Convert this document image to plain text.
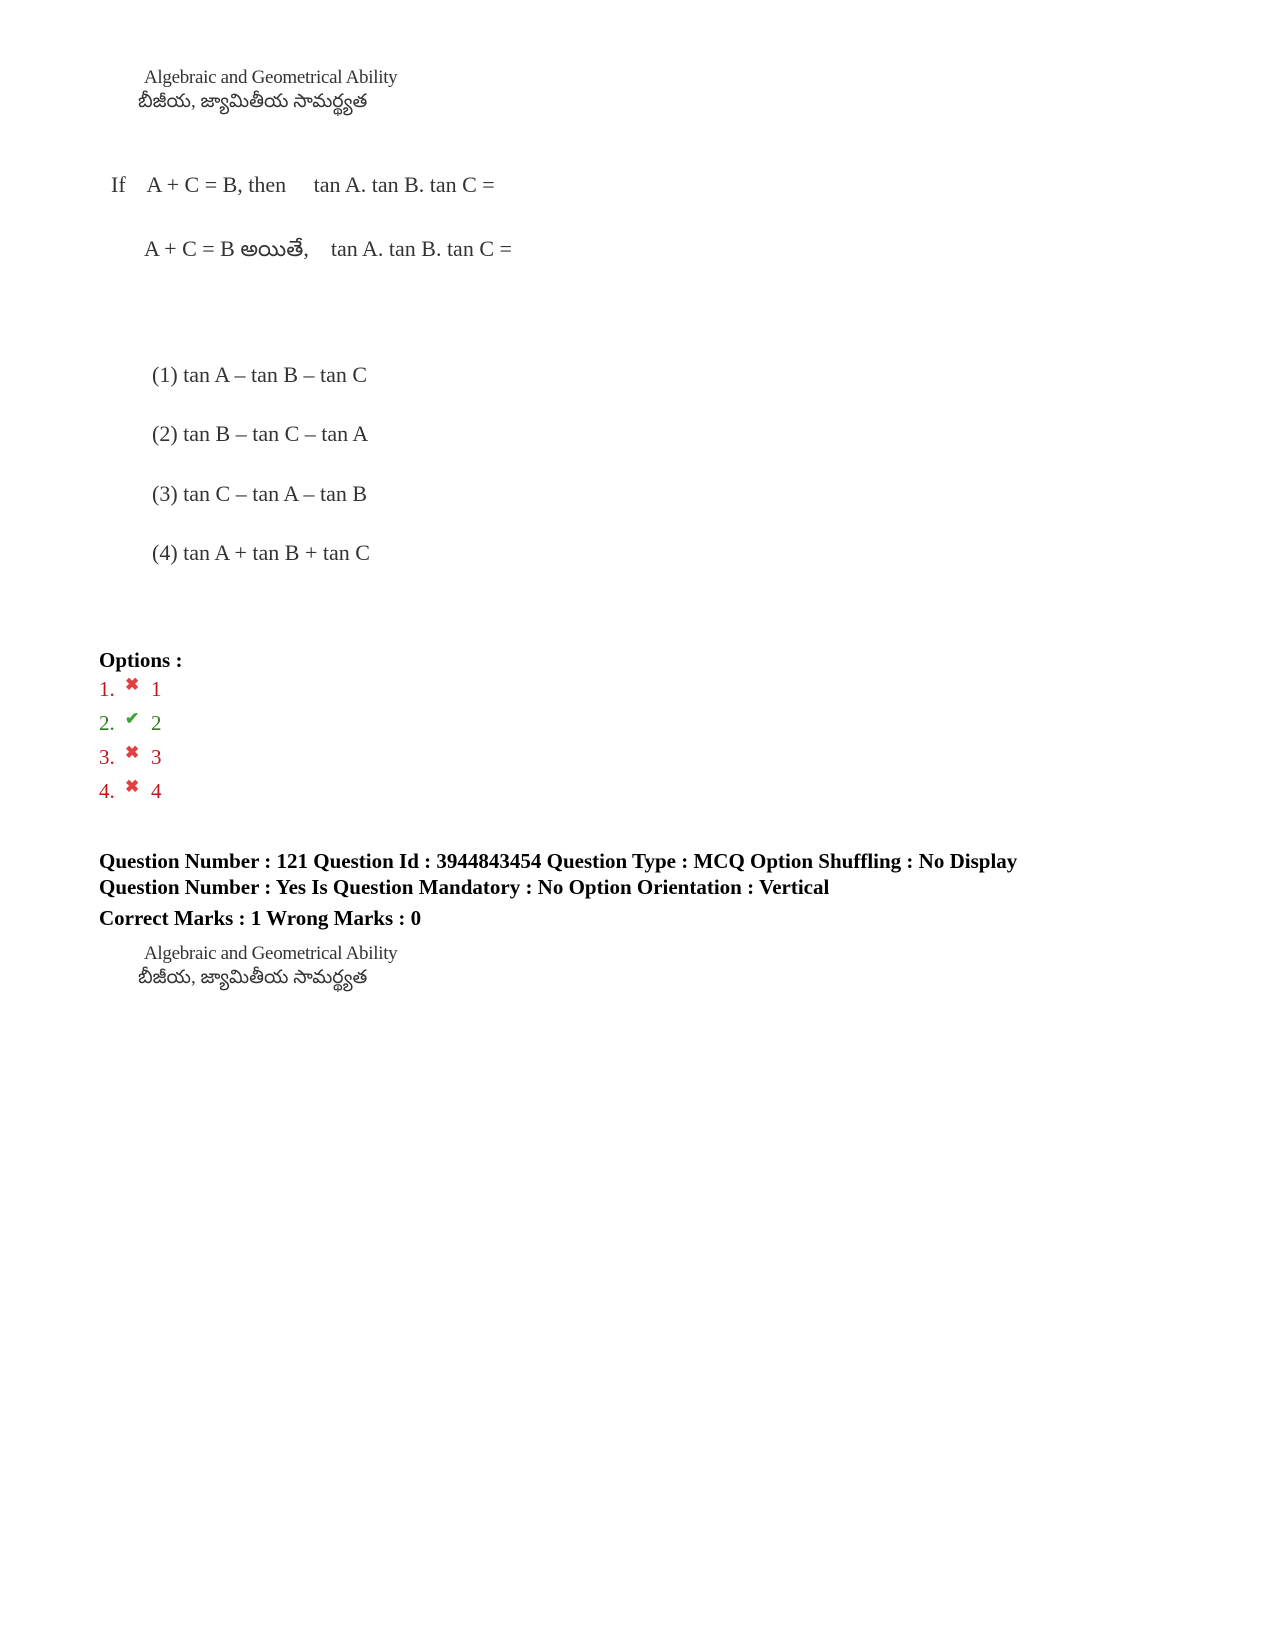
Algebraic and Geometrical Ability
బీజీయ, జ్యామితీయ సామర్థ్యత
If    A + C = B, then     tan A. tan B. tan C =
A + C = B అయితే,    tan A. tan B. tan C =
(1) tan A – tan B – tan C
(2) tan B – tan C – tan A
(3) tan C – tan A – tan B
(4) tan A + tan B + tan C
Options :
1. ✖ 1
2. ✔ 2
3. ✖ 3
4. ✖ 4
Question Number : 121 Question Id : 3944843454 Question Type : MCQ Option Shuffling : No Display
Question Number : Yes Is Question Mandatory : No Option Orientation : Vertical
Correct Marks : 1 Wrong Marks : 0
Algebraic and Geometrical Ability
బీజీయ, జ్యామితీయ సామర్థ్యత
